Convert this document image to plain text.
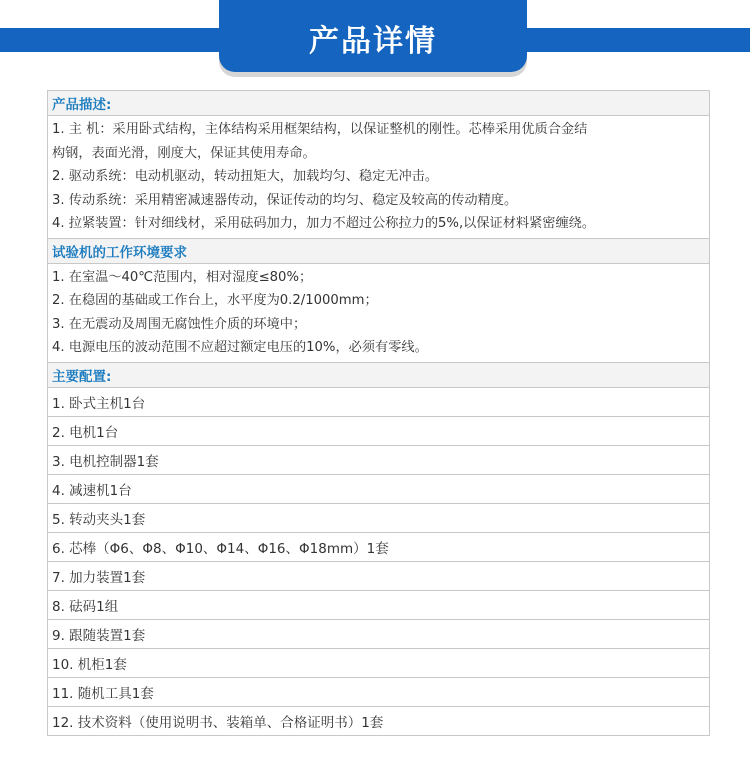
产品详情
产品描述:

1. 主 机：采用卧式结构，主体结构采用框架结构，以保证整机的刚性。芯棒采用优质合金结
构钢，表面光滑，刚度大，保证其使用寿命。
2. 驱动系统：电动机驱动，转动扭矩大，加载均匀、稳定无冲击。
3. 传动系统：采用精密减速器传动，保证传动的均匀、稳定及较高的传动精度。
4. 拉紧装置：针对细线材，采用砝码加力，加力不超过公称拉力的5%,以保证材料紧密缠绕。

试验机的工作环境要求

1. 在室温～40℃范围内，相对湿度≤80%；
2. 在稳固的基础或工作台上，水平度为0.2/1000mm；
3. 在无震动及周围无腐蚀性介质的环境中；
4. 电源电压的波动范围不应超过额定电压的10%，必须有零线。

主要配置:
1. 卧式主机1台
2. 电机1台
3. 电机控制器1套
4. 减速机1台
5. 转动夹头1套
6. 芯棒（Φ6、Φ8、Φ10、Φ14、Φ16、Φ18mm）1套
7. 加力装置1套
8. 砝码1组
9. 跟随装置1套
10. 机柜1套
11. 随机工具1套
12. 技术资料（使用说明书、装箱单、合格证明书）1套
